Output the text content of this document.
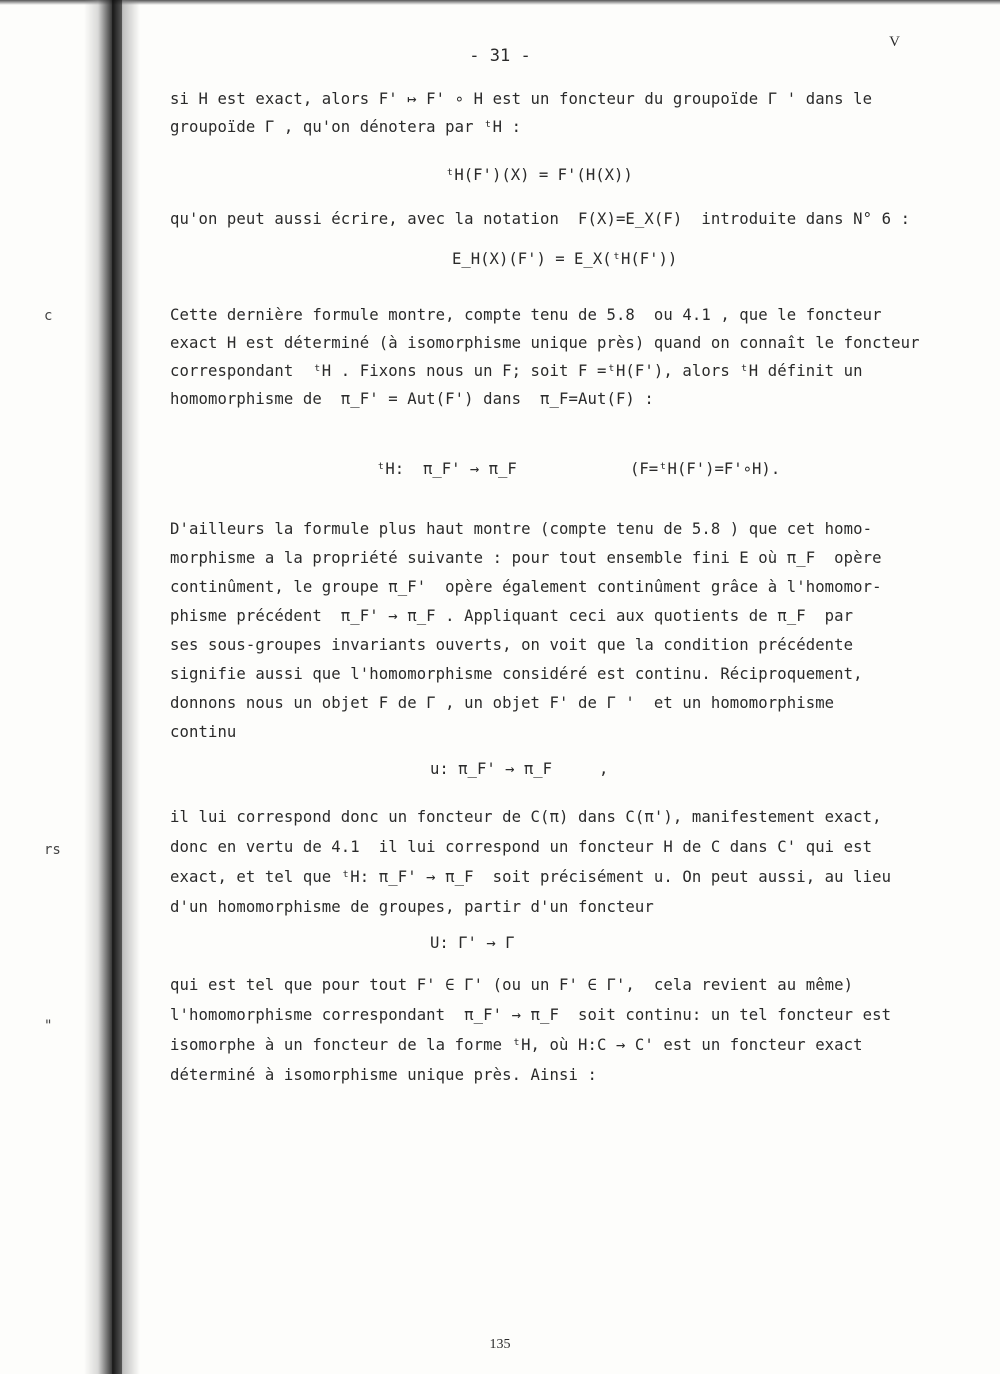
c
rs
"
- 31 -
V
si H est exact, alors F' ↦ F' ∘ H est un foncteur du groupoïde Γ ' dans le
groupoïde Γ , qu'on dénotera par ᵗH :
ᵗH(F')(X) = F'(H(X))
qu'on peut aussi écrire, avec la notation  F(X)=E_X(F)  introduite dans N° 6 :
E_H(X)(F') = E_X(ᵗH(F'))
Cette dernière formule montre, compte tenu de 5.8  ou 4.1 , que le foncteur
exact H est déterminé (à isomorphisme unique près) quand on connaît le foncteur
correspondant  ᵗH . Fixons nous un F; soit F =ᵗH(F'), alors ᵗH définit un
homomorphisme de  π_F' = Aut(F') dans  π_F=Aut(F) :
ᵗH:  π_F' → π_F	(F=ᵗH(F')=F'∘H).
D'ailleurs la formule plus haut montre (compte tenu de 5.8 ) que cet homo-
morphisme a la propriété suivante : pour tout ensemble fini E où π_F  opère
continûment, le groupe π_F'  opère également continûment grâce à l'homomor-
phisme précédent  π_F' → π_F . Appliquant ceci aux quotients de π_F  par
ses sous-groupes invariants ouverts, on voit que la condition précédente
signifie aussi que l'homomorphisme considéré est continu. Réciproquement,
donnons nous un objet F de Γ , un objet F' de Γ '  et un homomorphisme
continu
u: π_F' → π_F     ,
il lui correspond donc un foncteur de C(π) dans C(π'), manifestement exact,
donc en vertu de 4.1  il lui correspond un foncteur H de C dans C' qui est
exact, et tel que ᵗH: π_F' → π_F  soit précisément u. On peut aussi, au lieu
d'un homomorphisme de groupes, partir d'un foncteur
U: Γ' → Γ
qui est tel que pour tout F' ∈ Γ' (ou un F' ∈ Γ',  cela revient au même)
l'homomorphisme correspondant  π_F' → π_F  soit continu: un tel foncteur est
isomorphe à un foncteur de la forme ᵗH, où H:C → C' est un foncteur exact
déterminé à isomorphisme unique près. Ainsi :
135
